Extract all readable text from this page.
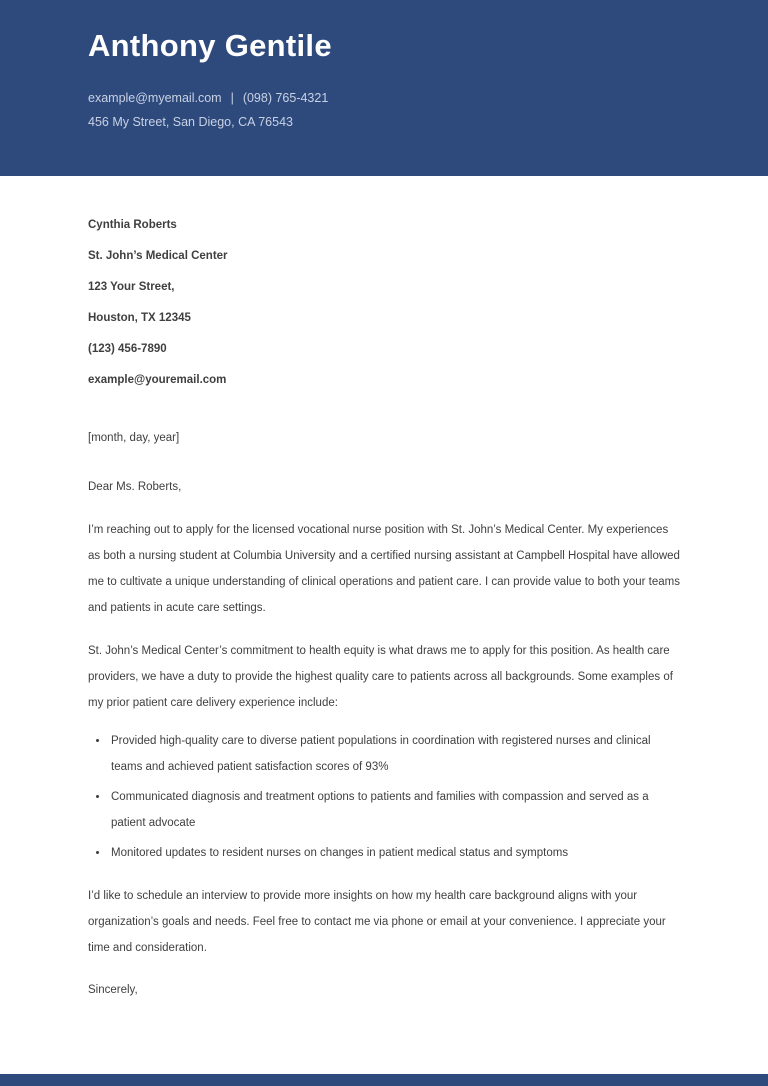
Anthony Gentile

example@myemail.com | (098) 765-4321

456 My Street, San Diego, CA 76543

Cynthia Roberts

St. John’s Medical Center

123 Your Street,

Houston, TX 12345

(123) 456-7890

example@youremail.com

[month, day, year]

Dear Ms. Roberts,

I’m reaching out to apply for the licensed vocational nurse position with St. John’s Medical Center. My experiences as both a nursing student at Columbia University and a certified nursing assistant at Campbell Hospital have allowed me to cultivate a unique understanding of clinical operations and patient care. I can provide value to both your teams and patients in acute care settings.

St. John’s Medical Center’s commitment to health equity is what draws me to apply for this position. As health care providers, we have a duty to provide the highest quality care to patients across all backgrounds. Some examples of my prior patient care delivery experience include:

• Provided high-quality care to diverse patient populations in coordination with registered nurses and clinical teams and achieved patient satisfaction scores of 93%
• Communicated diagnosis and treatment options to patients and families with compassion and served as a patient advocate
• Monitored updates to resident nurses on changes in patient medical status and symptoms

I’d like to schedule an interview to provide more insights on how my health care background aligns with your organization’s goals and needs. Feel free to contact me via phone or email at your convenience. I appreciate your time and consideration.

Sincerely,
